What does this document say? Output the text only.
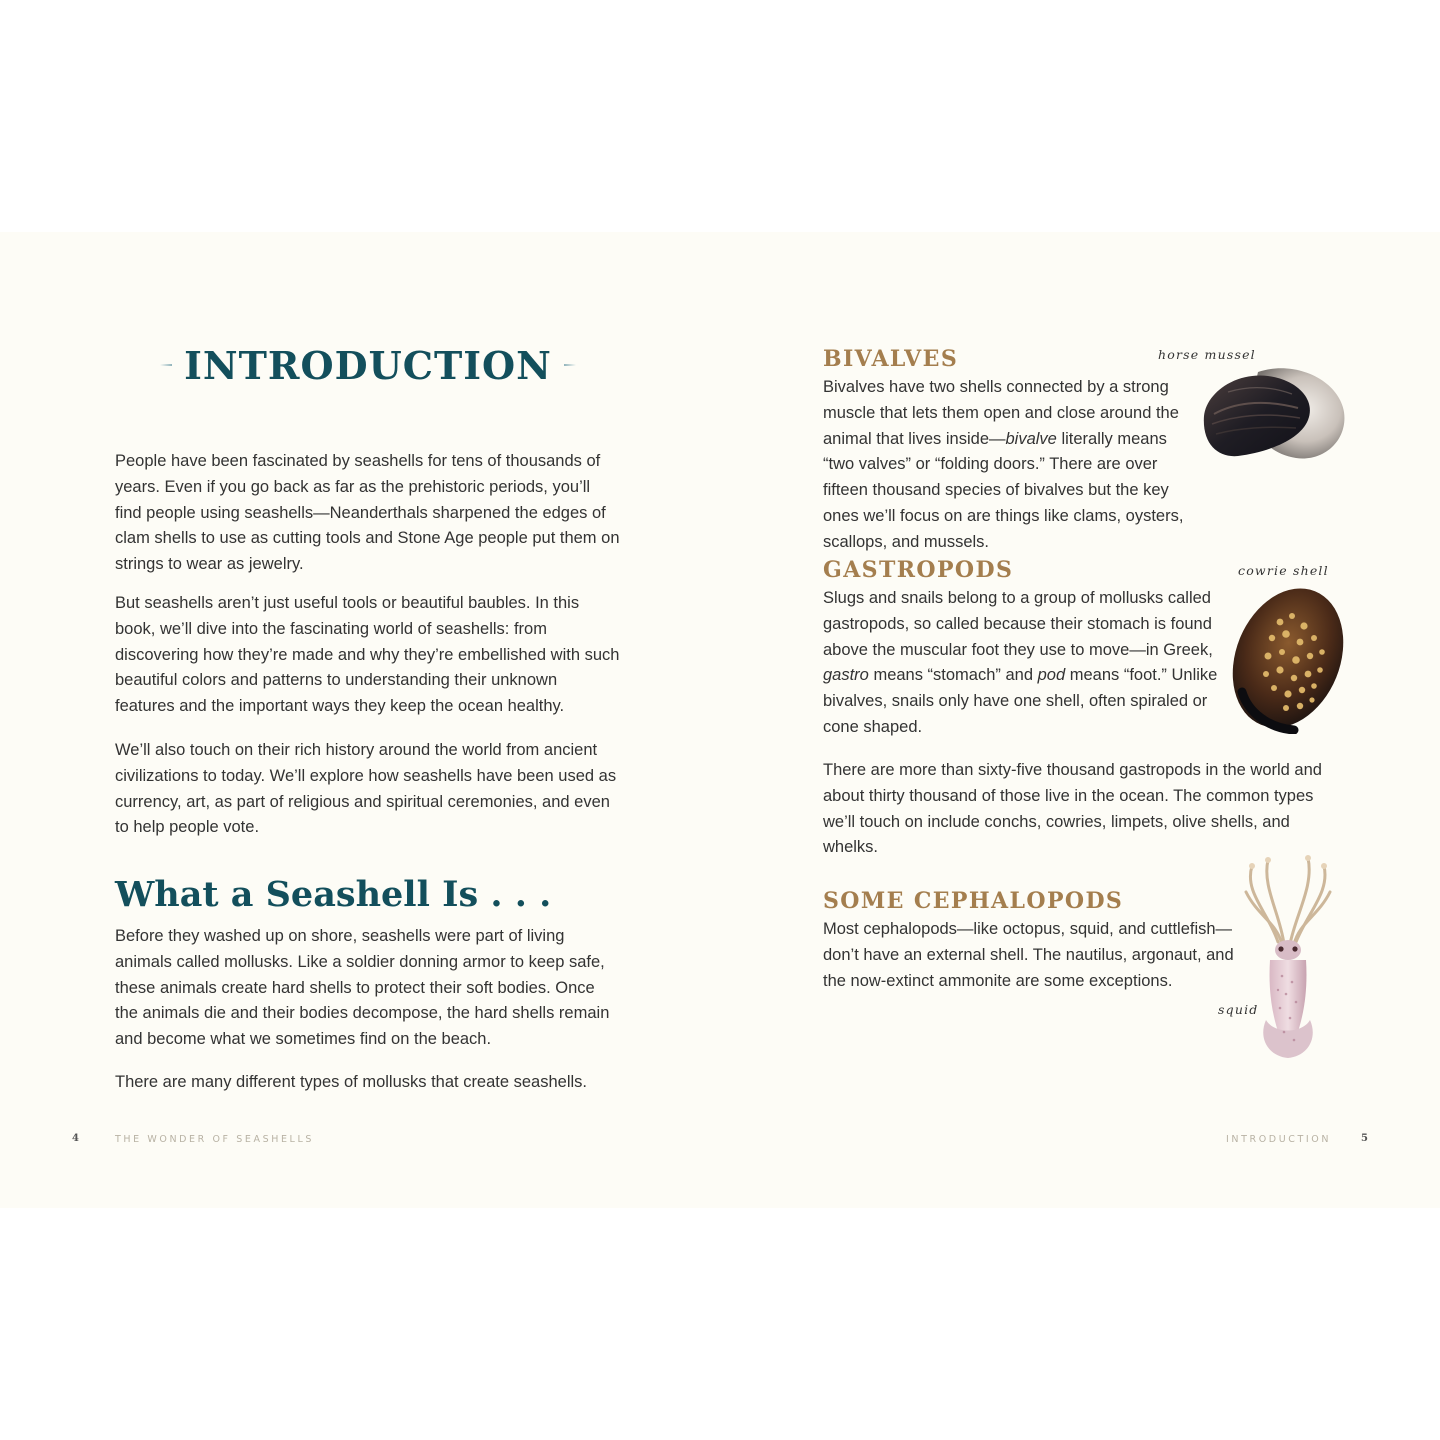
INTRODUCTION

People have been fascinated by seashells for tens of thousands of years. Even if you go back as far as the prehistoric periods, you’ll find people using seashells—Neanderthals sharpened the edges of clam shells to use as cutting tools and Stone Age people put them on strings to wear as jewelry.

But seashells aren’t just useful tools or beautiful baubles. In this book, we’ll dive into the fascinating world of seashells: from discovering how they’re made and why they’re embellished with such beautiful colors and patterns to understanding their unknown features and the important ways they keep the ocean healthy.

We’ll also touch on their rich history around the world from ancient civilizations to today. We’ll explore how seashells have been used as currency, art, as part of religious and spiritual ceremonies, and even to help people vote.

What a Seashell Is . . .

Before they washed up on shore, seashells were part of living animals called mollusks. Like a soldier donning armor to keep safe, these animals create hard shells to protect their soft bodies. Once the animals die and their bodies decompose, the hard shells remain and become what we sometimes find on the beach.

There are many different types of mollusks that create seashells.

4	THE WONDER OF SEASHELLS
BIVALVES	horse mussel

Bivalves have two shells connected by a strong muscle that lets them open and close around the animal that lives inside—bivalve literally means “two valves” or “folding doors.” There are over fifteen thousand species of bivalves but the key ones we’ll focus on are things like clams, oysters, scallops, and mussels.

GASTROPODS	cowrie shell

Slugs and snails belong to a group of mollusks called gastropods, so called because their stomach is found above the muscular foot they use to move—in Greek, gastro means “stomach” and pod means “foot.” Unlike bivalves, snails only have one shell, often spiraled or cone shaped.

There are more than sixty-five thousand gastropods in the world and about thirty thousand of those live in the ocean. The common types we’ll touch on include conchs, cowries, limpets, olive shells, and whelks.

SOME CEPHALOPODS
squid

Most cephalopods—like octopus, squid, and cuttlefish—don’t have an external shell. The nautilus, argonaut, and the now-extinct ammonite are some exceptions.

INTRODUCTION	5
